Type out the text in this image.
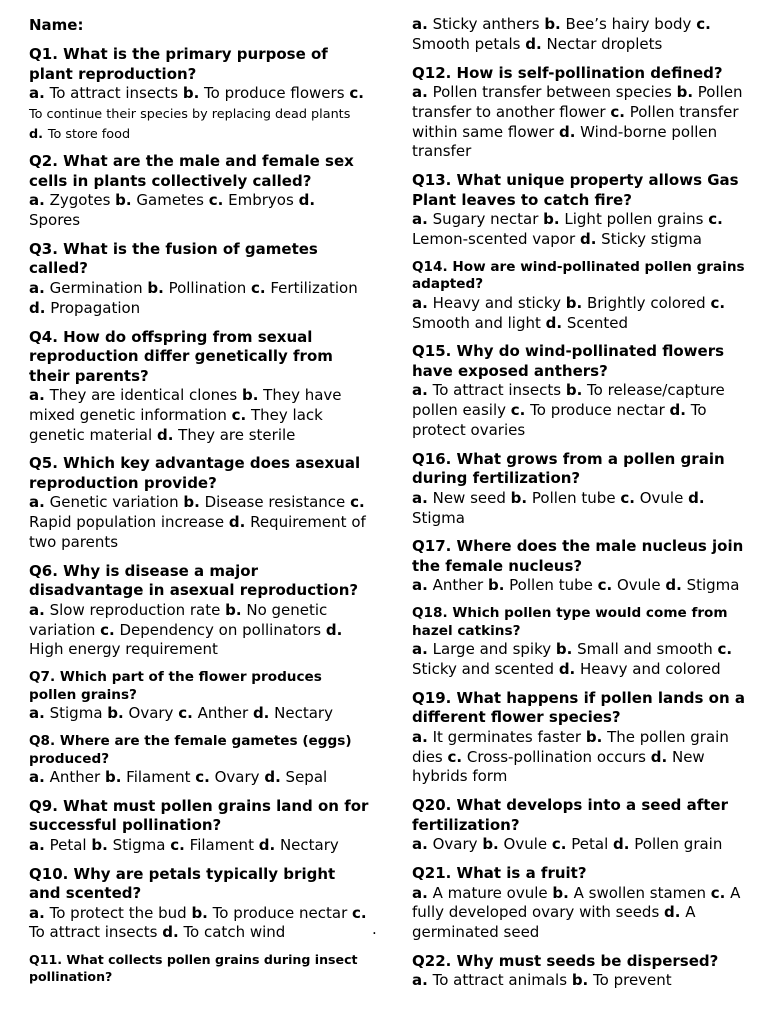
Name:
Q1. What is the primary purpose of plant reproduction?
a. To attract insects b. To produce flowers c. To continue their species by replacing dead plants d. To store food
Q2. What are the male and female sex cells in plants collectively called?
a. Zygotes b. Gametes c. Embryos d. Spores
Q3. What is the fusion of gametes called?
a. Germination b. Pollination c. Fertilization d. Propagation
Q4. How do offspring from sexual reproduction differ genetically from their parents?
a. They are identical clones b. They have mixed genetic information c. They lack genetic material d. They are sterile
Q5. Which key advantage does asexual reproduction provide?
a. Genetic variation b. Disease resistance c. Rapid population increase d. Requirement of two parents
Q6. Why is disease a major disadvantage in asexual reproduction?
a. Slow reproduction rate b. No genetic variation c. Dependency on pollinators d. High energy requirement
Q7. Which part of the flower produces pollen grains?
a. Stigma b. Ovary c. Anther d. Nectary
Q8. Where are the female gametes (eggs) produced?
a. Anther b. Filament c. Ovary d. Sepal
Q9. What must pollen grains land on for successful pollination?
a. Petal b. Stigma c. Filament d. Nectary
Q10. Why are petals typically bright and scented?
a. To protect the bud b. To produce nectar c. To attract insects d. To catch wind
Q11. What collects pollen grains during insect pollination?
.
a. Sticky anthers b. Bee’s hairy body c. Smooth petals d. Nectar droplets
Q12. How is self-pollination defined?
a. Pollen transfer between species b. Pollen transfer to another flower c. Pollen transfer within same flower d. Wind-borne pollen transfer
Q13. What unique property allows Gas Plant leaves to catch fire?
a. Sugary nectar b. Light pollen grains c. Lemon-scented vapor d. Sticky stigma
Q14. How are wind-pollinated pollen grains adapted?
a. Heavy and sticky b. Brightly colored c. Smooth and light d. Scented
Q15. Why do wind-pollinated flowers have exposed anthers?
a. To attract insects b. To release/capture pollen easily c. To produce nectar d. To protect ovaries
Q16. What grows from a pollen grain during fertilization?
a. New seed b. Pollen tube c. Ovule d. Stigma
Q17. Where does the male nucleus join the female nucleus?
a. Anther b. Pollen tube c. Ovule d. Stigma
Q18. Which pollen type would come from hazel catkins?
a. Large and spiky b. Small and smooth c. Sticky and scented d. Heavy and colored
Q19. What happens if pollen lands on a different flower species?
a. It germinates faster b. The pollen grain dies c. Cross-pollination occurs d. New hybrids form
Q20. What develops into a seed after fertilization?
a. Ovary b. Ovule c. Petal d. Pollen grain
Q21. What is a fruit?
a. A mature ovule b. A swollen stamen c. A fully developed ovary with seeds d. A germinated seed
Q22. Why must seeds be dispersed?
a. To attract animals b. To prevent
